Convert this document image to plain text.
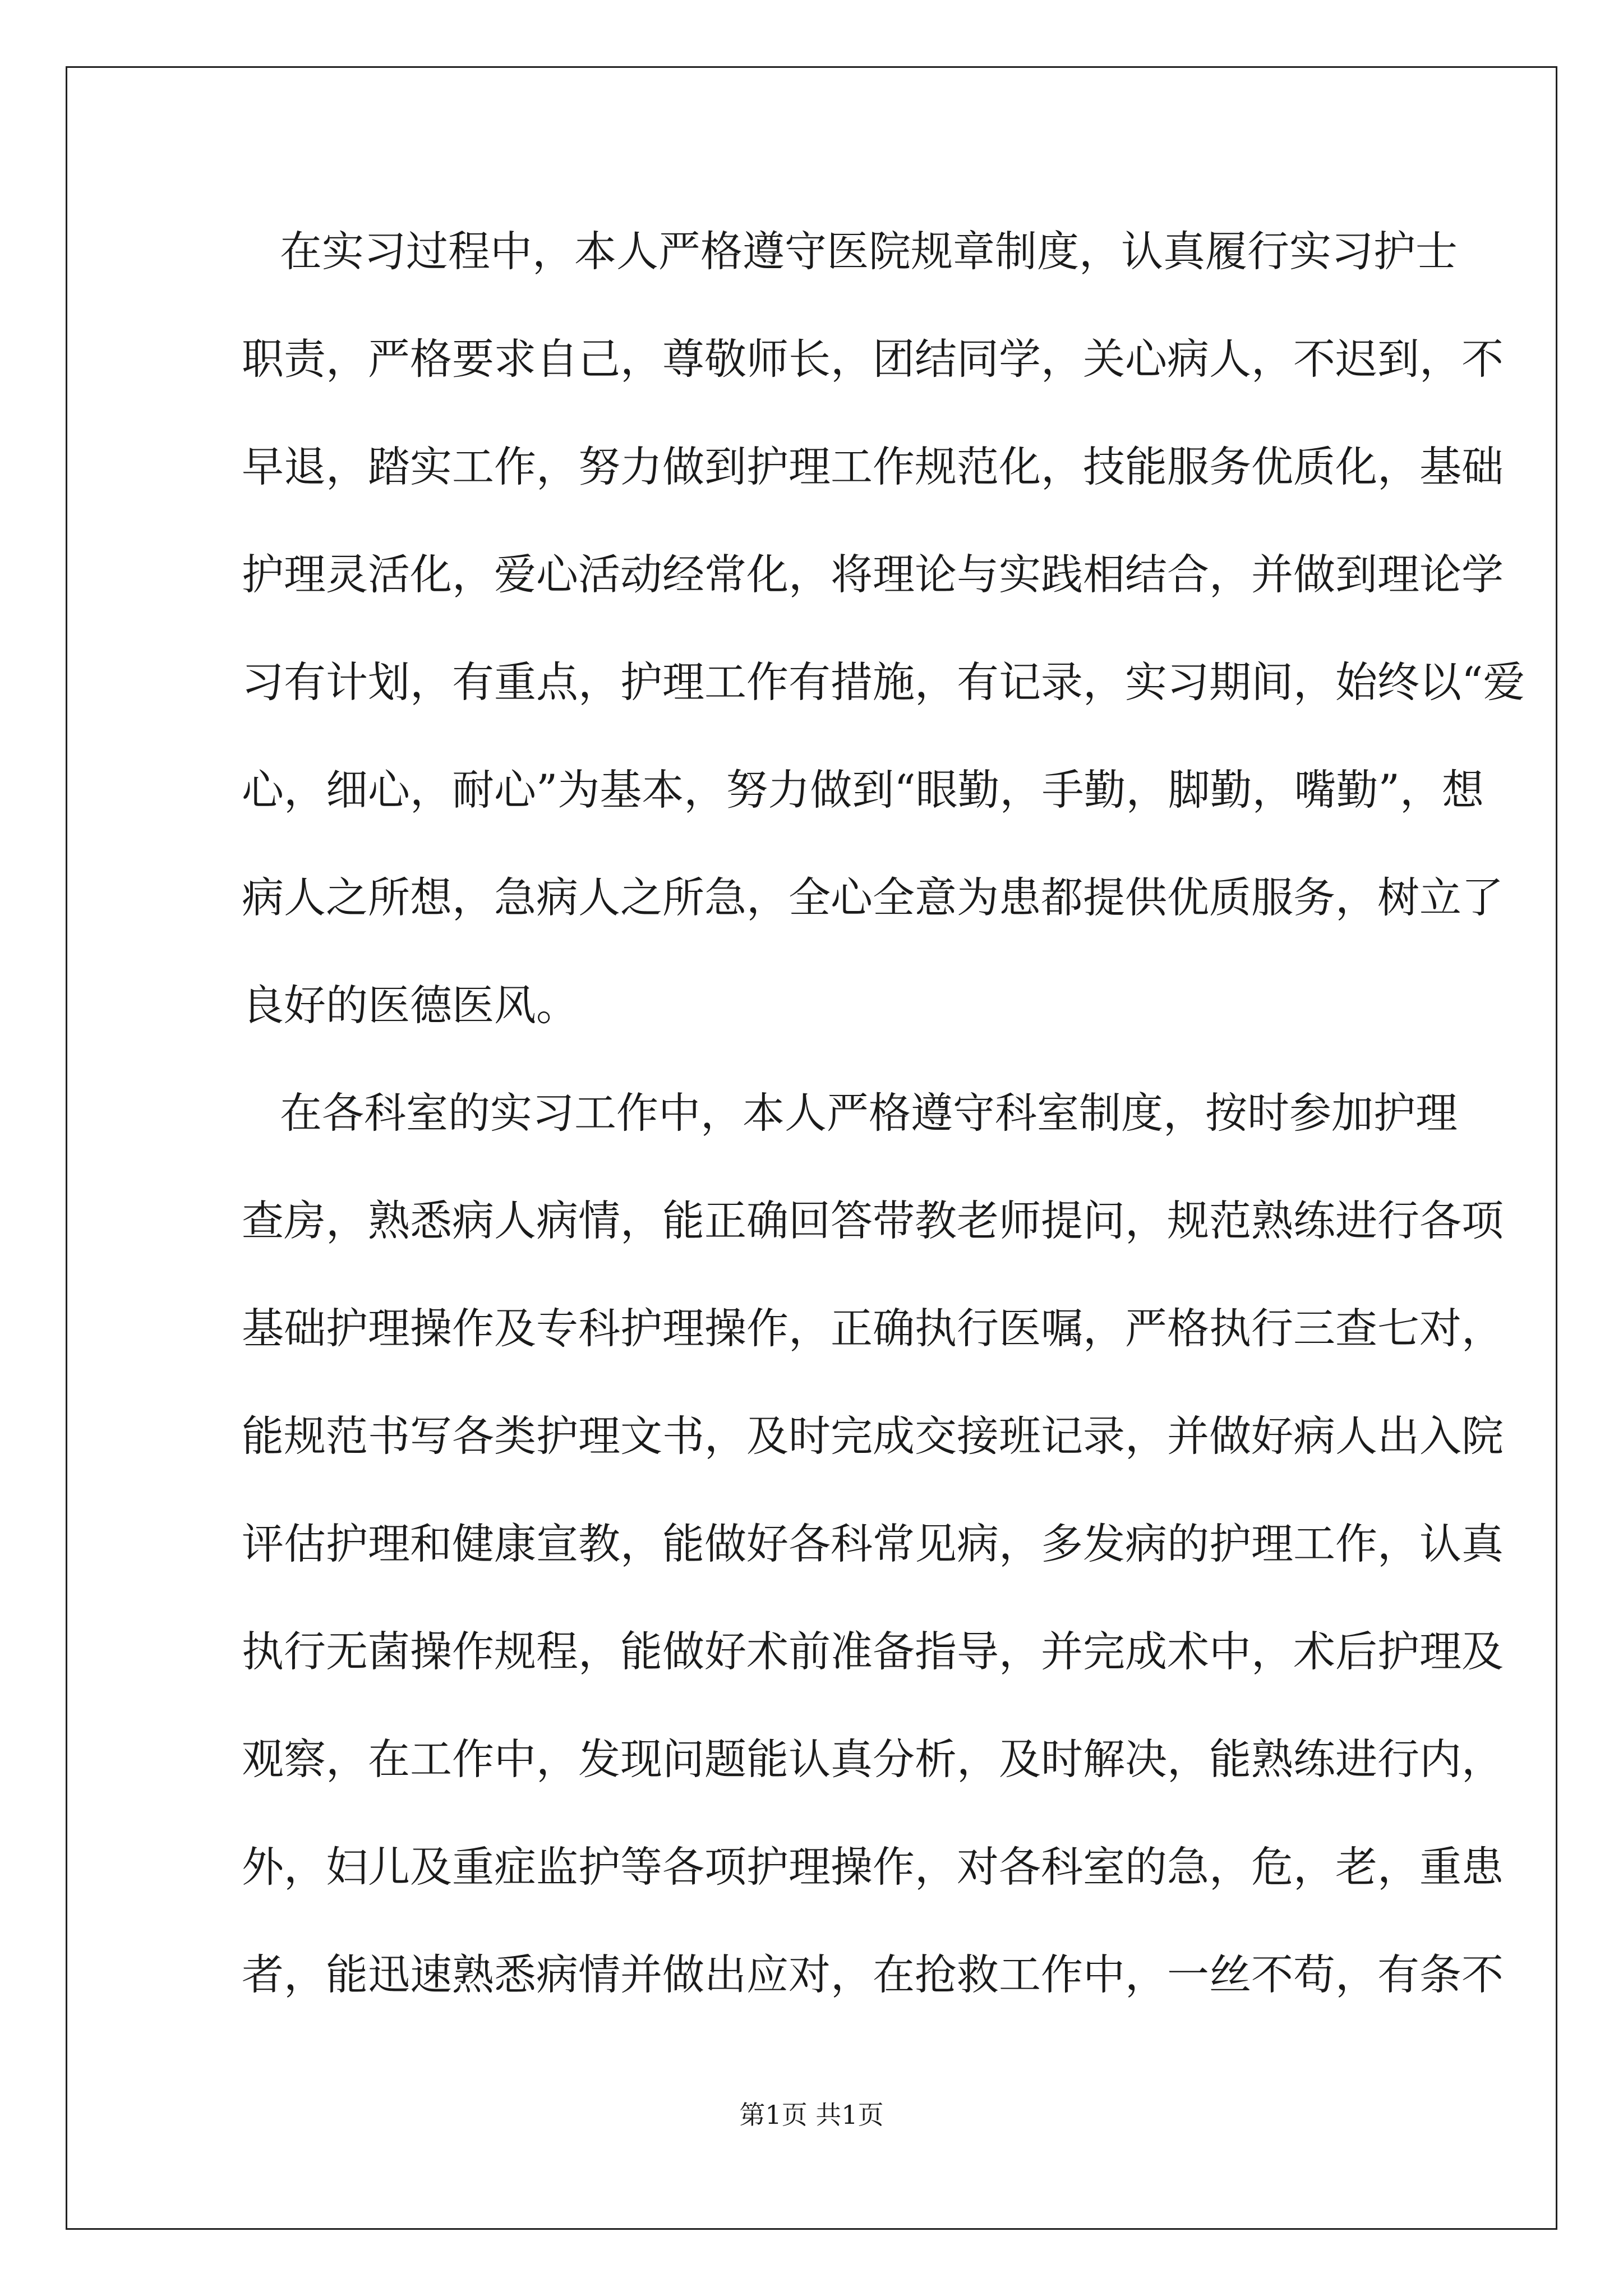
在实习过程中，本人严格遵守医院规章制度，认真履行实习护士
职责，严格要求自己，尊敬师长，团结同学，关心病人，不迟到，不
早退，踏实工作，努力做到护理工作规范化，技能服务优质化，基础
护理灵活化，爱心活动经常化，将理论与实践相结合，并做到理论学
习有计划，有重点，护理工作有措施，有记录，实习期间，始终以“爱
心，细心，耐心”为基本，努力做到“眼勤，手勤，脚勤，嘴勤”，想
病人之所想，急病人之所急，全心全意为患都提供优质服务，树立了
良好的医德医风。
在各科室的实习工作中，本人严格遵守科室制度，按时参加护理
查房，熟悉病人病情，能正确回答带教老师提问，规范熟练进行各项
基础护理操作及专科护理操作，正确执行医嘱，严格执行三查七对，
能规范书写各类护理文书，及时完成交接班记录，并做好病人出入院
评估护理和健康宣教，能做好各科常见病，多发病的护理工作，认真
执行无菌操作规程，能做好术前准备指导，并完成术中，术后护理及
观察，在工作中，发现问题能认真分析，及时解决，能熟练进行内，
外，妇儿及重症监护等各项护理操作，对各科室的急，危，老，重患
者，能迅速熟悉病情并做出应对，在抢救工作中，一丝不苟，有条不
第1页 共1页
